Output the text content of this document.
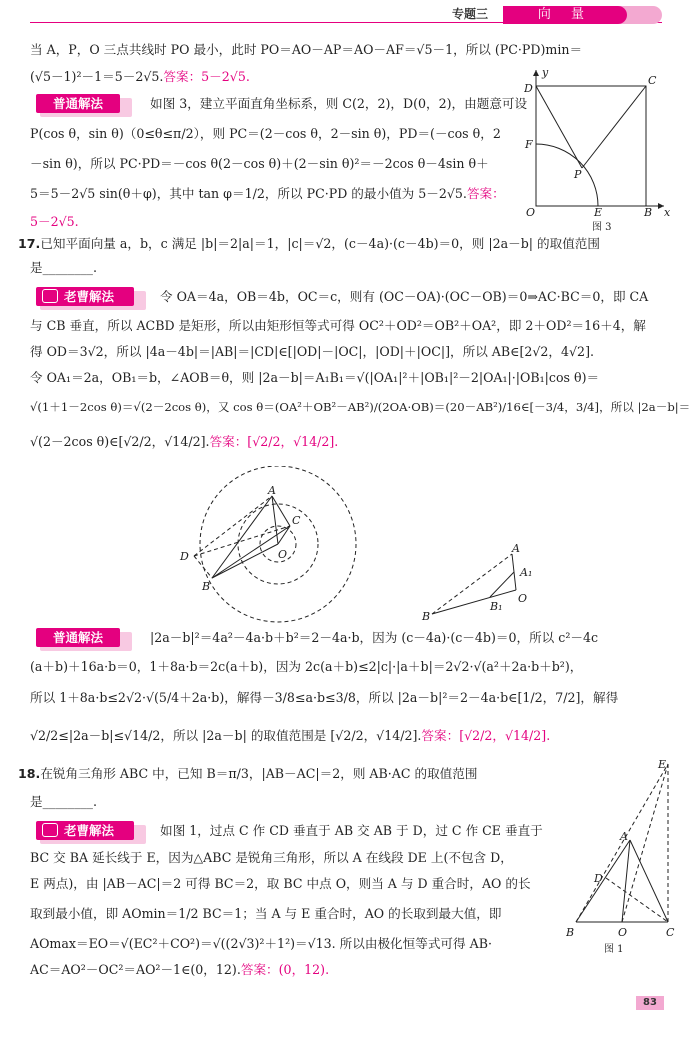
专题三	向 量
当 A，P，O 三点共线时 PO 最小，此时 PO＝AO－AP＝AO－AF＝√5－1，所以 (PC·PD)min＝
(√5－1)²－1＝5－2√5.答案：5－2√5.
普通解法	如图 3，建立平面直角坐标系，则 C(2，2)，D(0，2)，由题意可设
P(cos θ，sin θ)（0≤θ≤π/2），则 PC＝(2－cos θ，2－sin θ)，PD＝(－cos θ，2
－sin θ)，所以 PC·PD＝－cos θ(2－cos θ)＋(2－sin θ)²＝－2cos θ－4sin θ＋
5＝5－2√5 sin(θ＋φ)，其中 tan φ＝1/2，所以 PC·PD 的最小值为 5－2√5.答案：
5－2√5.
y
D
C
F
P
O	E	B x
图 3
17.已知平面向量 a，b，c 满足 |b|＝2|a|＝1，|c|＝√2，(c－4a)·(c－4b)＝0，则 |2a－b| 的取值范围
是________.
老曹解法	令 OA＝4a，OB＝4b，OC＝c，则有 (OC－OA)·(OC－OB)＝0⇒AC·BC＝0，即 CA
与 CB 垂直，所以 ACBD 是矩形，所以由矩形恒等式可得 OC²＋OD²＝OB²＋OA²，即 2＋OD²＝16＋4，解
得 OD＝3√2，所以 |4a－4b|＝|AB|＝|CD|∈[|OD|－|OC|，|OD|＋|OC|]，所以 AB∈[2√2，4√2].
令 OA₁＝2a，OB₁＝b，∠AOB＝θ，则 |2a－b|＝A₁B₁＝√(|OA₁|²＋|OB₁|²－2|OA₁|·|OB₁|cos θ)＝
√(1＋1－2cos θ)＝√(2－2cos θ)，又 cos θ＝(OA²＋OB²－AB²)/(2OA·OB)＝(20－AB²)/16∈[－3/4，3/4]，所以 |2a－b|＝
√(2－2cos θ)∈[√2/2，√14/2].答案：[√2/2，√14/2].
A
C
O
D
B
A
A₁
O
B₁
B
普通解法	|2a－b|²＝4a²－4a·b＋b²＝2－4a·b，因为 (c－4a)·(c－4b)＝0，所以 c²－4c
(a＋b)＋16a·b＝0，1＋8a·b＝2c(a＋b)，因为 2c(a＋b)≤2|c|·|a＋b|＝2√2·√(a²＋2a·b＋b²)，
所以 1＋8a·b≤2√2·√(5/4＋2a·b)，解得－3/8≤a·b≤3/8，所以 |2a－b|²＝2－4a·b∈[1/2，7/2]，解得
√2/2≤|2a－b|≤√14/2，所以 |2a－b| 的取值范围是 [√2/2，√14/2].答案：[√2/2，√14/2].
18.在锐角三角形 ABC 中，已知 B＝π/3，|AB－AC|＝2，则 AB·AC 的取值范围
是________.
老曹解法	如图 1，过点 C 作 CD 垂直于 AB 交 AB 于 D，过 C 作 CE 垂直于
BC 交 BA 延长线于 E，因为△ABC 是锐角三角形，所以 A 在线段 DE 上(不包含 D，
E 两点)，由 |AB－AC|＝2 可得 BC＝2，取 BC 中点 O，则当 A 与 D 重合时，AO 的长
取到最小值，即 AOmin＝1/2 BC＝1；当 A 与 E 重合时，AO 的长取到最大值，即
AOmax＝EO＝√(EC²＋CO²)＝√((2√3)²＋1²)＝√13. 所以由极化恒等式可得 AB·
AC＝AO²－OC²＝AO²－1∈(0，12).答案：(0，12).
E
A
D
B	O	C
图 1
83
